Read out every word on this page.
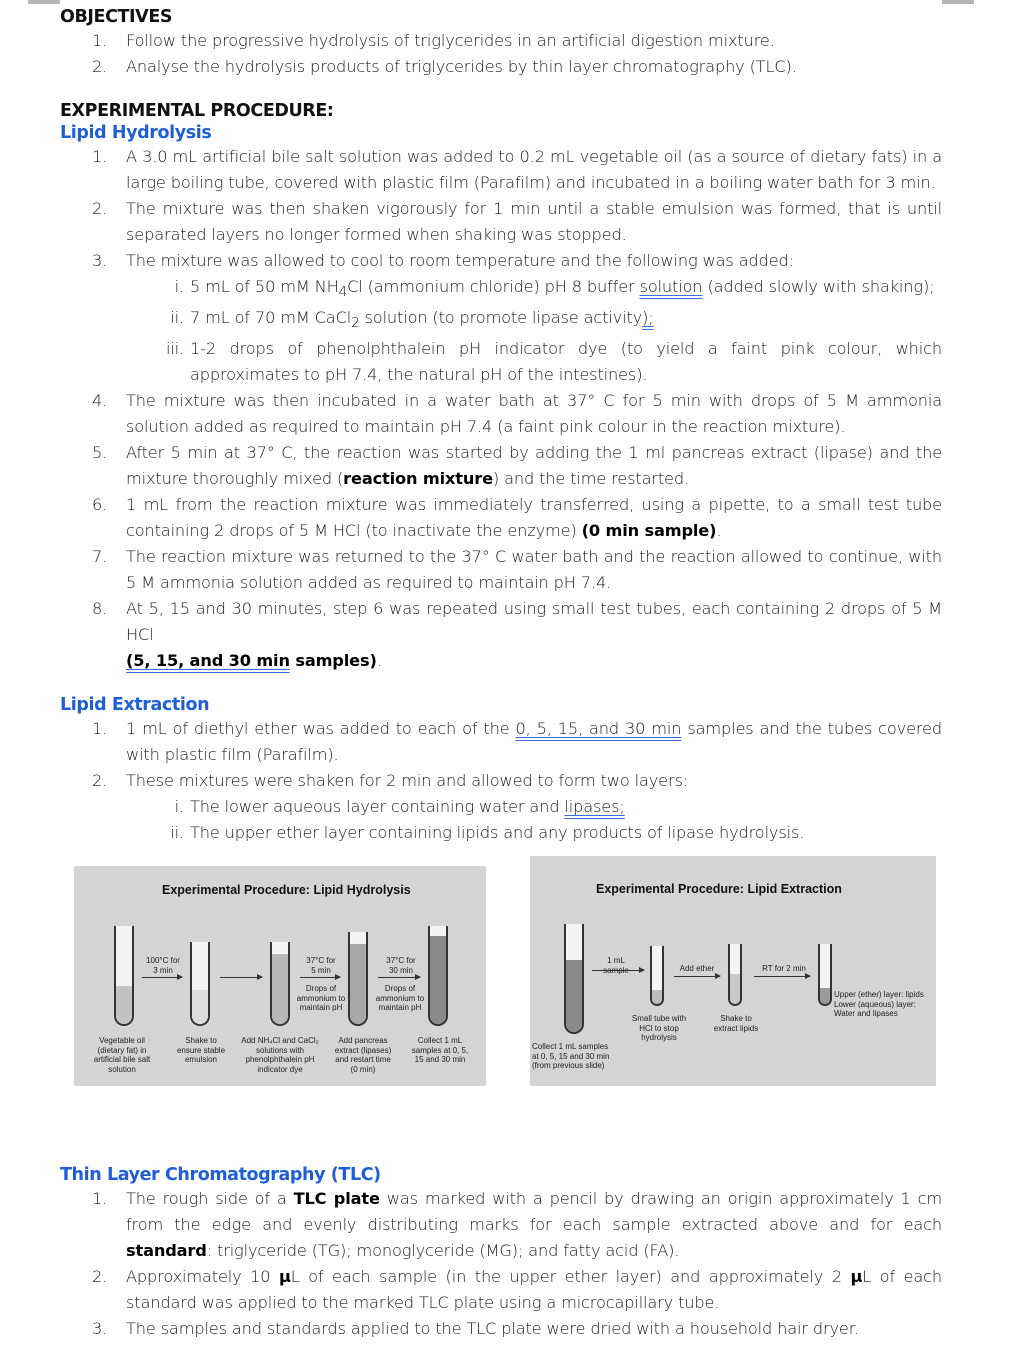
OBJECTIVES
1. Follow the progressive hydrolysis of triglycerides in an artificial digestion mixture.
2. Analyse the hydrolysis products of triglycerides by thin layer chromatography (TLC).
EXPERIMENTAL PROCEDURE:
Lipid Hydrolysis
1. A 3.0 mL artificial bile salt solution was added to 0.2 mL vegetable oil (as a source of dietary fats) in a large boiling tube, covered with plastic film (Parafilm) and incubated in a boiling water bath for 3 min.
2. The mixture was then shaken vigorously for 1 min until a stable emulsion was formed, that is until separated layers no longer formed when shaking was stopped.
3. The mixture was allowed to cool to room temperature and the following was added:
i. 5 mL of 50 mM $NH_4Cl$ (ammonium chloride) pH 8 buffer solution (added slowly with shaking);
ii. 7 mL of 70 mM CaCl$_2$ solution (to promote lipase activity);
iii. 1-2 drops of phenolphthalein pH indicator dye (to yield a faint pink colour, which approximates to pH 7.4, the natural pH of the intestines).
4. The mixture was then incubated in a water bath at 37° C for 5 min with drops of 5 M ammonia solution added as required to maintain pH 7.4 (a faint pink colour in the reaction mixture).
5. After 5 min at 37° C, the reaction was started by adding the 1 ml pancreas extract (lipase) and the mixture thoroughly mixed (reaction mixture) and the time restarted.
6. 1 mL from the reaction mixture was immediately transferred, using a pipette, to a small test tube containing 2 drops of 5 M HCl (to inactivate the enzyme) (0 min sample).
7. The reaction mixture was returned to the 37° C water bath and the reaction allowed to continue, with 5 M ammonia solution added as required to maintain pH 7.4.
8. At 5, 15 and 30 minutes, step 6 was repeated using small test tubes, each containing 2 drops of 5 M HCl
(5, 15, and 30 min samples).
Lipid Extraction
1. 1 mL of diethyl ether was added to each of the 0, 5, 15, and 30 min samples and the tubes covered with plastic film (Parafilm).
2. These mixtures were shaken for 2 min and allowed to form two layers:
i. The lower aqueous layer containing water and lipases;
ii. The upper ether layer containing lipids and any products of lipase hydrolysis.
Experimental Procedure: Lipid Hydrolysis
100°C for
3 min
37°C for
5 min
37°C for
30 min
Drops of
ammonium to
maintain pH
Drops of
ammonium to
maintain pH
Vegetable oil
(dietary fat) in
artificial bile salt
solution
Shake to
ensure stable
emulsion
Add NH₄Cl and CaCl₂
solutions with
phenolphthalein pH
indicator dye
Add pancreas
extract (lipases)
and restart time
(0 min)
Collect 1 mL
samples at 0, 5,
15 and 30 min
Experimental Procedure: Lipid Extraction
1 mL
sample	Add ether	RT for 2 min
Collect 1 mL samples
at 0, 5, 15 and 30 min
(from previous slide)
Small tube with
HCl to stop
hydrolysis
Shake to
extract lipids
Upper (ether) layer: lipids
Lower (aqueous) layer:
Water and lipases
Thin Layer Chromatography (TLC)
1. The rough side of a TLC plate was marked with a pencil by drawing an origin approximately 1 cm from the edge and evenly distributing marks for each sample extracted above and for each standard: triglyceride (TG); monoglyceride (MG); and fatty acid (FA).
2. Approximately 10 µL of each sample (in the upper ether layer) and approximately 2 µL of each standard was applied to the marked TLC plate using a microcapillary tube.
3. The samples and standards applied to the TLC plate were dried with a household hair dryer.
